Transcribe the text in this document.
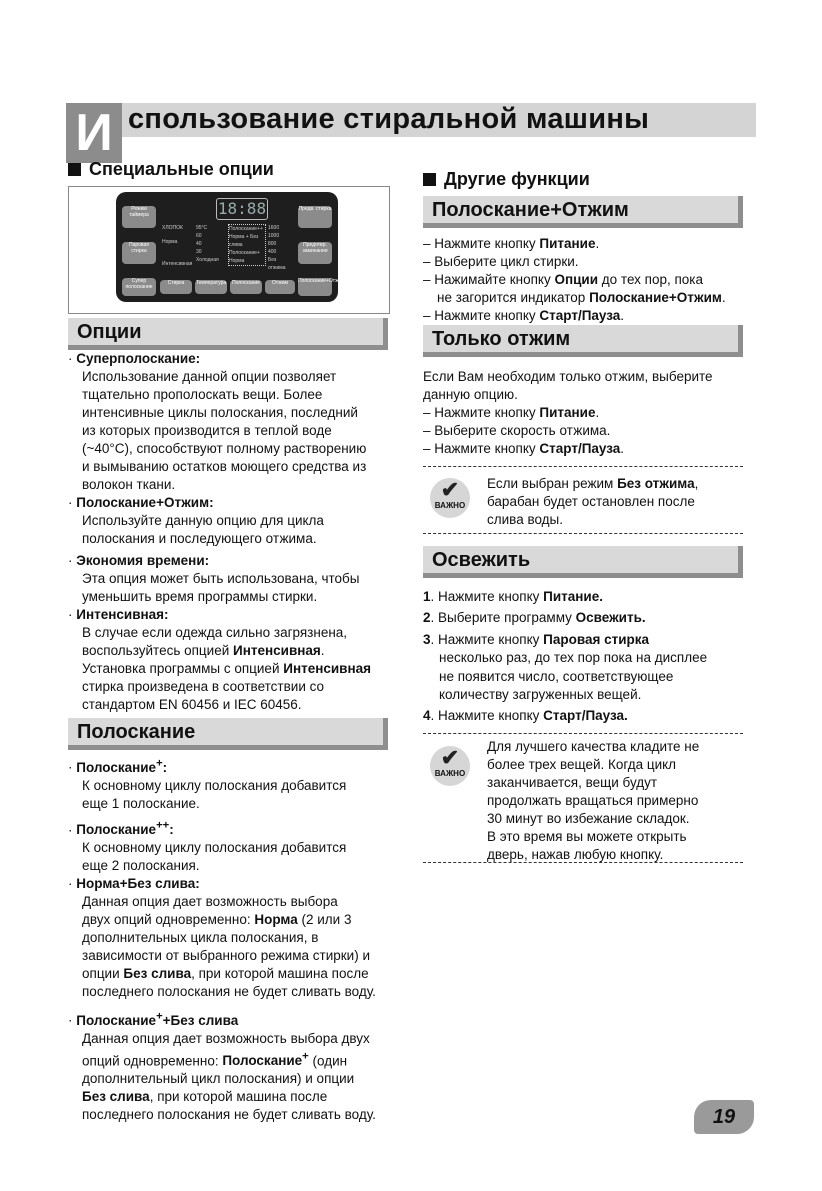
И спользование стиральной машины
Специальные опции
Режим таймера
Паровая стирка
Супер полоскание
Предв. стирка
Предотвр. заминания
Полоскание+Отжим
Стирка	Температура	Полоскание	Отжим
18:88
ХЛОПОК
Норма
Интенсивная
95°С
60
40
30
Холодная
Полоскание++
Норма + Без слива
Полоскание+
Норма
1600
1000
800
400
Без отжима
Опции
· Суперполоскание:
Использование данной опции позволяет
тщательно прополоскать вещи. Более
интенсивные циклы полоскания, последний
из которых производится в теплой воде
(~40°С), способствуют полному растворению
и вымыванию остатков моющего средства из
волокон ткани.
· Полоскание+Отжим:
Используйте данную опцию для цикла
полоскания и последующего отжима.
· Экономия времени:
Эта опция может быть использована, чтобы
уменьшить время программы стирки.
· Интенсивная:
В случае если одежда сильно загрязнена,
воспользуйтесь опцией Интенсивная.
Установка программы с опцией Интенсивная
стирка произведена в соответствии со
стандартом EN 60456 и IEC 60456.
Полоскание
· Полоскание+:
К основному циклу полоскания добавится
еще 1 полоскание.
· Полоскание++:
К основному циклу полоскания добавится
еще 2 полоскания.
· Норма+Без слива:
Данная опция дает возможность выбора
двух опций одновременно: Норма (2 или 3
дополнительных цикла полоскания, в
зависимости от выбранного режима стирки) и
опции Без слива, при которой машина после
последнего полоскания не будет сливать воду.
· Полоскание++Без слива
Данная опция дает возможность выбора двух
опций одновременно: Полоскание+ (один
дополнительный цикл полоскания) и опции
Без слива, при которой машина после
последнего полоскания не будет сливать воду.
Другие функции
Полоскание+Отжим
– Нажмите кнопку Питание.
– Выберите цикл стирки.
– Нажимайте кнопку Опции до тех пор, пока
не загорится индикатор Полоскание+Отжим.
– Нажмите кнопку Старт/Пауза.
Только отжим
Если Вам необходим только отжим, выберите
данную опцию.
– Нажмите кнопку Питание.
– Выберите скорость отжима.
– Нажмите кнопку Старт/Пауза.
✔
ВАЖНО
Если выбран режим Без отжима,
барабан будет остановлен после
слива воды.
Освежить
1. Нажмите кнопку Питание.
2. Выберите программу Освежить.
3. Нажмите кнопку Паровая стирка
несколько раз, до тех пор пока на дисплее
не появится число, соответствующее
количеству загруженных вещей.
4. Нажмите кнопку Старт/Пауза.
✔
ВАЖНО
Для лучшего качества кладите не
более трех вещей. Когда цикл
заканчивается, вещи будут
продолжать вращаться примерно
30 минут во избежание складок.
В это время вы можете открыть
дверь, нажав любую кнопку.
19
